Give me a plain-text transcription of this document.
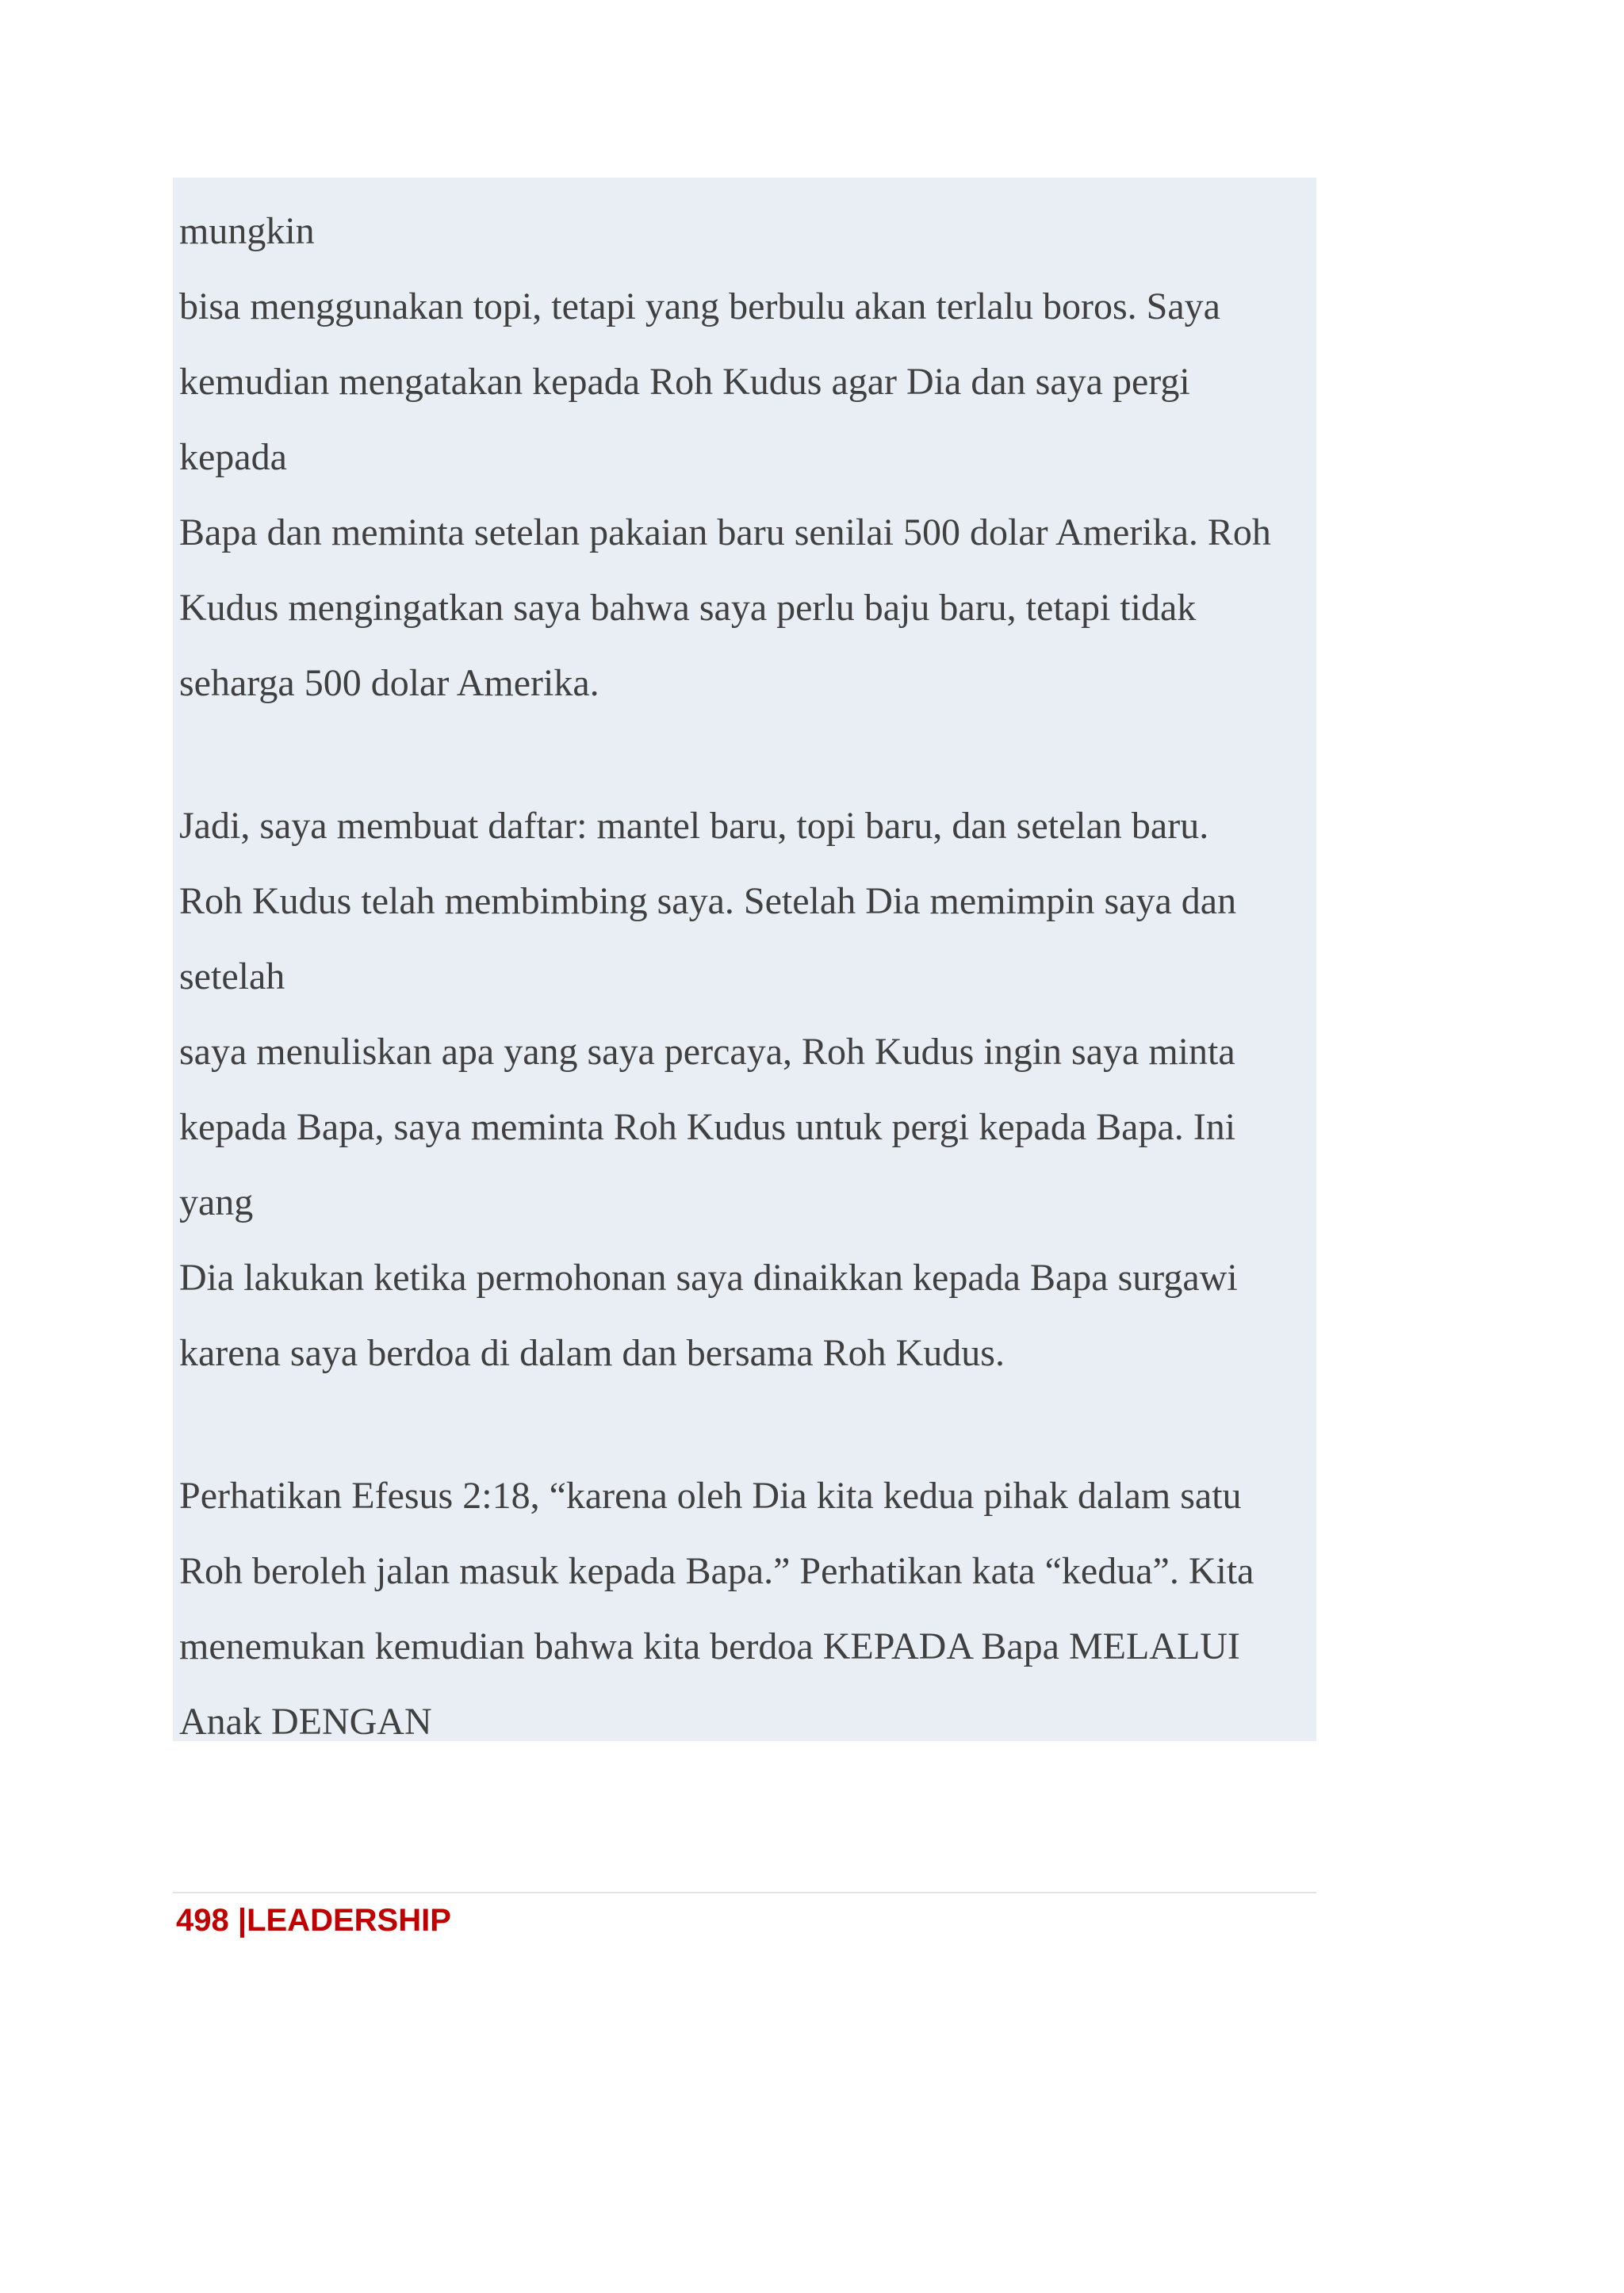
mungkin
bisa menggunakan topi, tetapi yang berbulu akan terlalu boros. Saya
kemudian mengatakan kepada Roh Kudus agar Dia dan saya pergi
kepada
Bapa dan meminta setelan pakaian baru senilai 500 dolar Amerika. Roh
Kudus mengingatkan saya bahwa saya perlu baju baru, tetapi tidak
seharga 500 dolar Amerika.
Jadi, saya membuat daftar: mantel baru, topi baru, dan setelan baru.
Roh Kudus telah membimbing saya. Setelah Dia memimpin saya dan
setelah
saya menuliskan apa yang saya percaya, Roh Kudus ingin saya minta
kepada Bapa, saya meminta Roh Kudus untuk pergi kepada Bapa. Ini
yang
Dia lakukan ketika permohonan saya dinaikkan kepada Bapa surgawi
karena saya berdoa di dalam dan bersama Roh Kudus.
Perhatikan Efesus 2:18, “karena oleh Dia kita kedua pihak dalam satu
Roh beroleh jalan masuk kepada Bapa.” Perhatikan kata “kedua”. Kita
menemukan kemudian bahwa kita berdoa KEPADA Bapa MELALUI
Anak DENGAN
498 |LEADERSHIP
